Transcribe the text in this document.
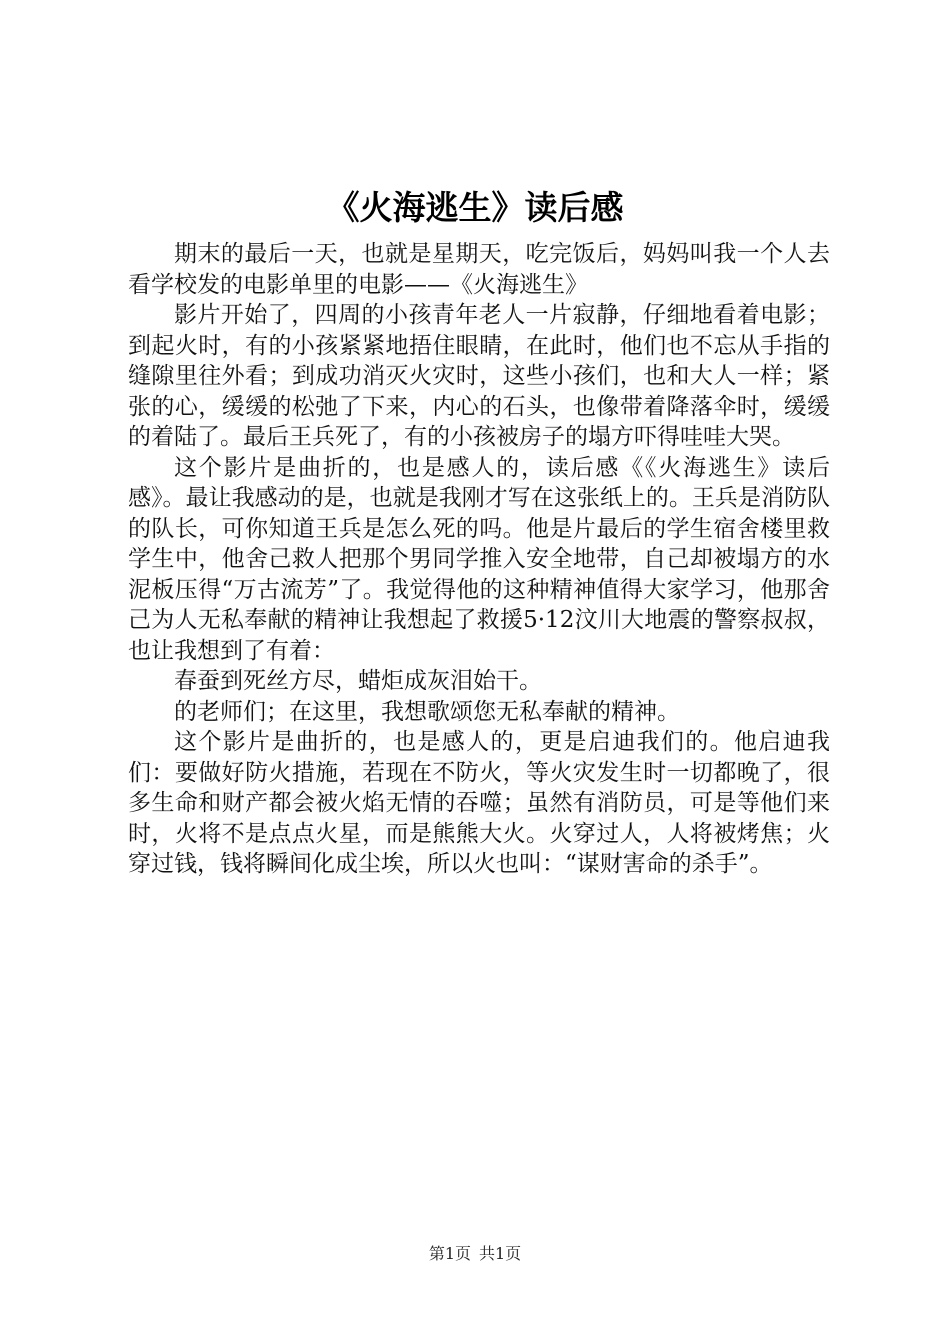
《火海逃生》读后感

期末的最后一天，也就是星期天，吃完饭后，妈妈叫我一个人去看学校发的电影单里的电影——《火海逃生》

影片开始了，四周的小孩青年老人一片寂静，仔细地看着电影；到起火时，有的小孩紧紧地捂住眼睛，在此时，他们也不忘从手指的缝隙里往外看；到成功消灭火灾时，这些小孩们，也和大人一样；紧张的心，缓缓的松弛了下来，内心的石头，也像带着降落伞时，缓缓的着陆了。最后王兵死了，有的小孩被房子的塌方吓得哇哇大哭。

这个影片是曲折的，也是感人的，读后感《《火海逃生》读后感》。最让我感动的是，也就是我刚才写在这张纸上的。王兵是消防队的队长，可你知道王兵是怎么死的吗。他是片最后的学生宿舍楼里救学生中，他舍己救人把那个男同学推入安全地带，自己却被塌方的水泥板压得“万古流芳”了。我觉得他的这种精神值得大家学习，他那舍己为人无私奉献的精神让我想起了救援5·12汶川大地震的警察叔叔，也让我想到了有着：

春蚕到死丝方尽，蜡炬成灰泪始干。

的老师们；在这里，我想歌颂您无私奉献的精神。

这个影片是曲折的，也是感人的，更是启迪我们的。他启迪我们：要做好防火措施，若现在不防火，等火灾发生时一切都晚了，很多生命和财产都会被火焰无情的吞噬；虽然有消防员，可是等他们来时，火将不是点点火星，而是熊熊大火。火穿过人，人将被烤焦；火穿过钱，钱将瞬间化成尘埃，所以火也叫：“谋财害命的杀手”。

第1页 共1页
